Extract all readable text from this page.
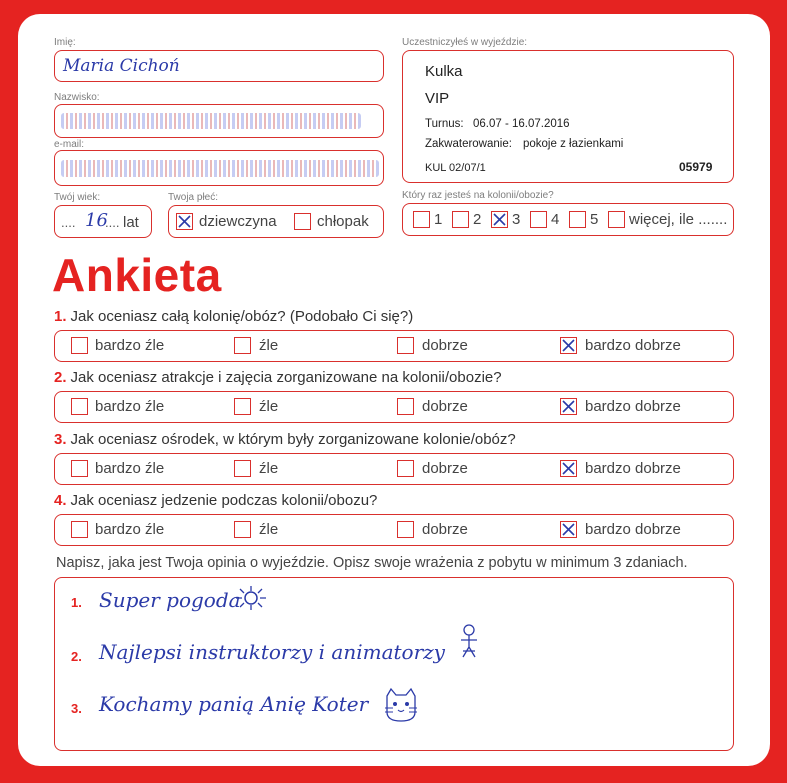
Imię:
Maria Cichoń
Nazwisko:
e-mail:
Twój wiek:
.... 16
.... lat
Twoja płeć:
dziewczyna	chłopak
Uczestniczyłeś w wyjeździe:
Kulka
VIP
Turnus: 06.07 - 16.07.2016
Zakwaterowanie: pokoje z łazienkami
KUL 02/07/1	05979
Który raz jesteś na kolonii/obozie?
1 2 3 4 5 więcej, ile .......
Ankieta
1. Jak oceniasz całą kolonię/obóz? (Podobało Ci się?)
bardzo źle	źle	dobrze	bardzo dobrze
2. Jak oceniasz atrakcje i zajęcia zorganizowane na kolonii/obozie?
bardzo źle	źle	dobrze	bardzo dobrze
3. Jak oceniasz ośrodek, w którym były zorganizowane kolonie/obóz?
bardzo źle	źle	dobrze	bardzo dobrze
4. Jak oceniasz jedzenie podczas kolonii/obozu?
bardzo źle	źle	dobrze	bardzo dobrze
Napisz, jaka jest Twoja opinia o wyjeździe. Opisz swoje wrażenia z pobytu w minimum 3 zdaniach.
1. Super pogoda
2. Najlepsi instruktorzy i animatorzy
3. Kochamy panią Anię Koter
